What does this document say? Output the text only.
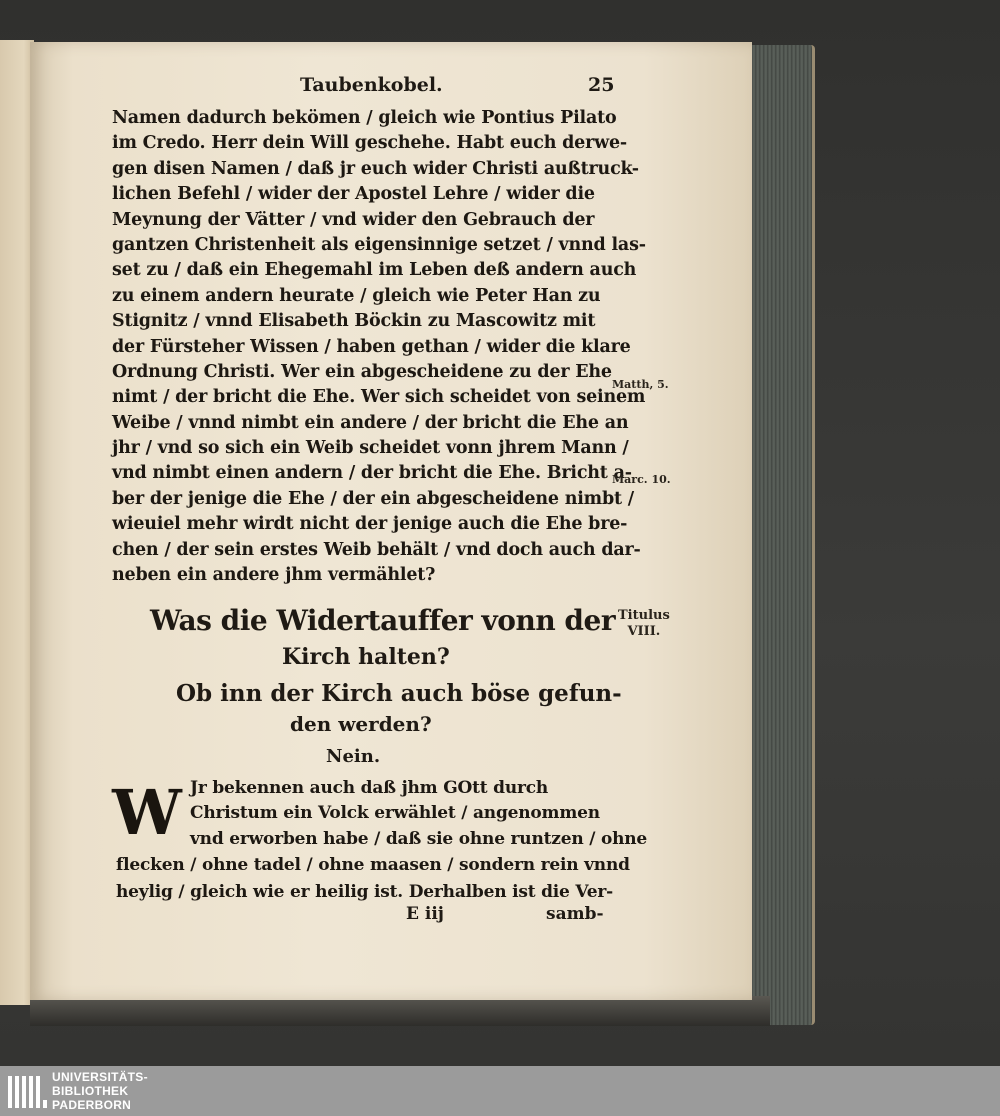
Taubenkobel.	25
Namen dadurch bekömen / gleich wie Pontius Pilato
im Credo. Herr dein Will geschehe. Habt euch derwe-
gen disen Namen / daß jr euch wider Christi außtruck-
lichen Befehl / wider der Apostel Lehre / wider die
Meynung der Vätter / vnd wider den Gebrauch der
gantzen Christenheit als eigensinnige setzet / vnnd las-
set zu / daß ein Ehegemahl im Leben deß andern auch
zu einem andern heurate / gleich wie Peter Han zu
Stignitz / vnnd Elisabeth Böckin zu Mascowitz mit
der Fürsteher Wissen / haben gethan / wider die klare
Ordnung Christi. Wer ein abgescheidene zu der Ehe
nimt / der bricht die Ehe. Wer sich scheidet von seinem
Weibe / vnnd nimbt ein andere / der bricht die Ehe an
jhr / vnd so sich ein Weib scheidet vonn jhrem Mann /
vnd nimbt einen andern / der bricht die Ehe. Bricht a-
ber der jenige die Ehe / der ein abgescheidene nimbt /
wieuiel mehr wirdt nicht der jenige auch die Ehe bre-
chen / der sein erstes Weib behält / vnd doch auch dar-
neben ein andere jhm vermählet?
Matth, 5.
Marc. 10.
Titulus
VIII.
Was die Widertauffer vonn der
Kirch halten?
Ob inn der Kirch auch böse gefun-
den werden?
Nein.
W Jr bekennen auch daß jhm GOtt durch
Christum ein Volck erwählet / angenommen
vnd erworben habe / daß sie ohne runtzen / ohne
flecken / ohne tadel / ohne maasen / sondern rein vnnd
heylig / gleich wie er heilig ist. Derhalben ist die Ver-
E iij	samb-
UNIVERSITÄTS-
BIBLIOTHEK
PADERBORN
